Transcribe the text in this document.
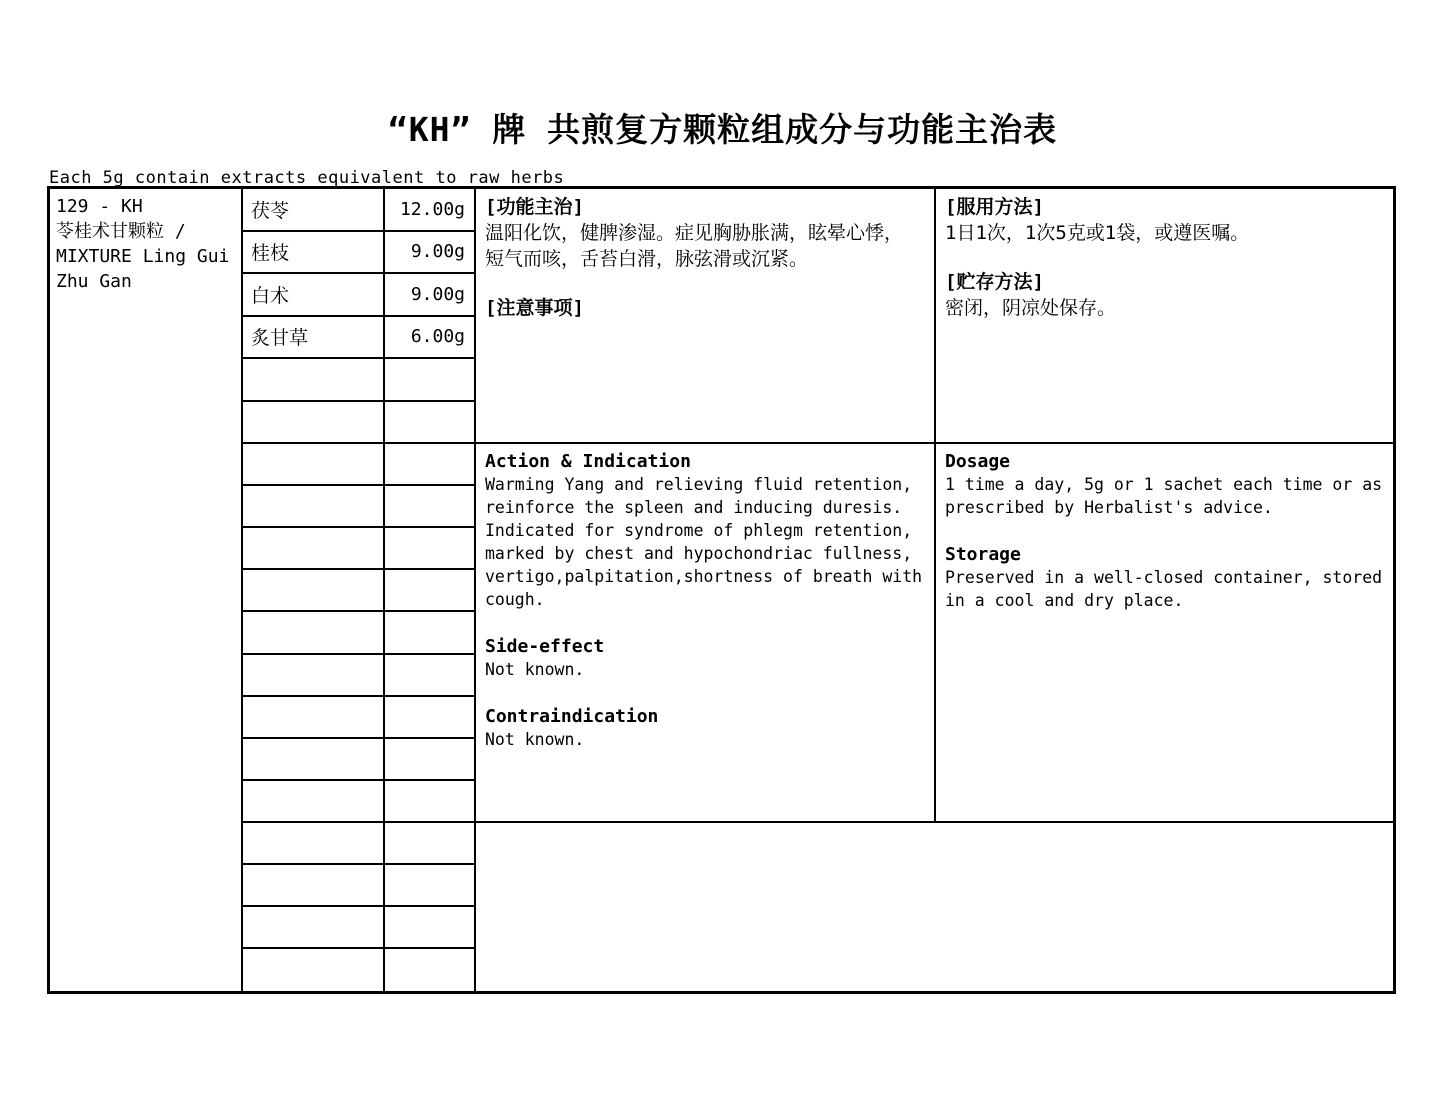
“KH” 牌 共煎复方颗粒组成分与功能主治表
Each 5g contain extracts equivalent to raw herbs
129 - KH
苓桂术甘颗粒 /
MIXTURE Ling Gui
Zhu Gan
茯苓	12.00g
桂枝	9.00g
白术	9.00g
炙甘草	6.00g
[功能主治]
温阳化饮，健脾渗湿。症见胸胁胀满，眩晕心悸，短气而咳，舌苔白滑，脉弦滑或沉紧。
[注意事项]
[服用方法]
1日1次，1次5克或1袋，或遵医嘱。
[贮存方法]
密闭，阴凉处保存。
Action & Indication
Warming Yang and relieving fluid retention, reinforce the spleen and inducing duresis. Indicated for syndrome of phlegm retention, marked by chest and hypochondriac fullness, vertigo,palpitation,shortness of breath with cough.
Side-effect
Not known.
Contraindication
Not known.
Dosage
1 time a day, 5g or 1 sachet each time or as prescribed by Herbalist's advice.
Storage
Preserved in a well-closed container, stored in a cool and dry place.
